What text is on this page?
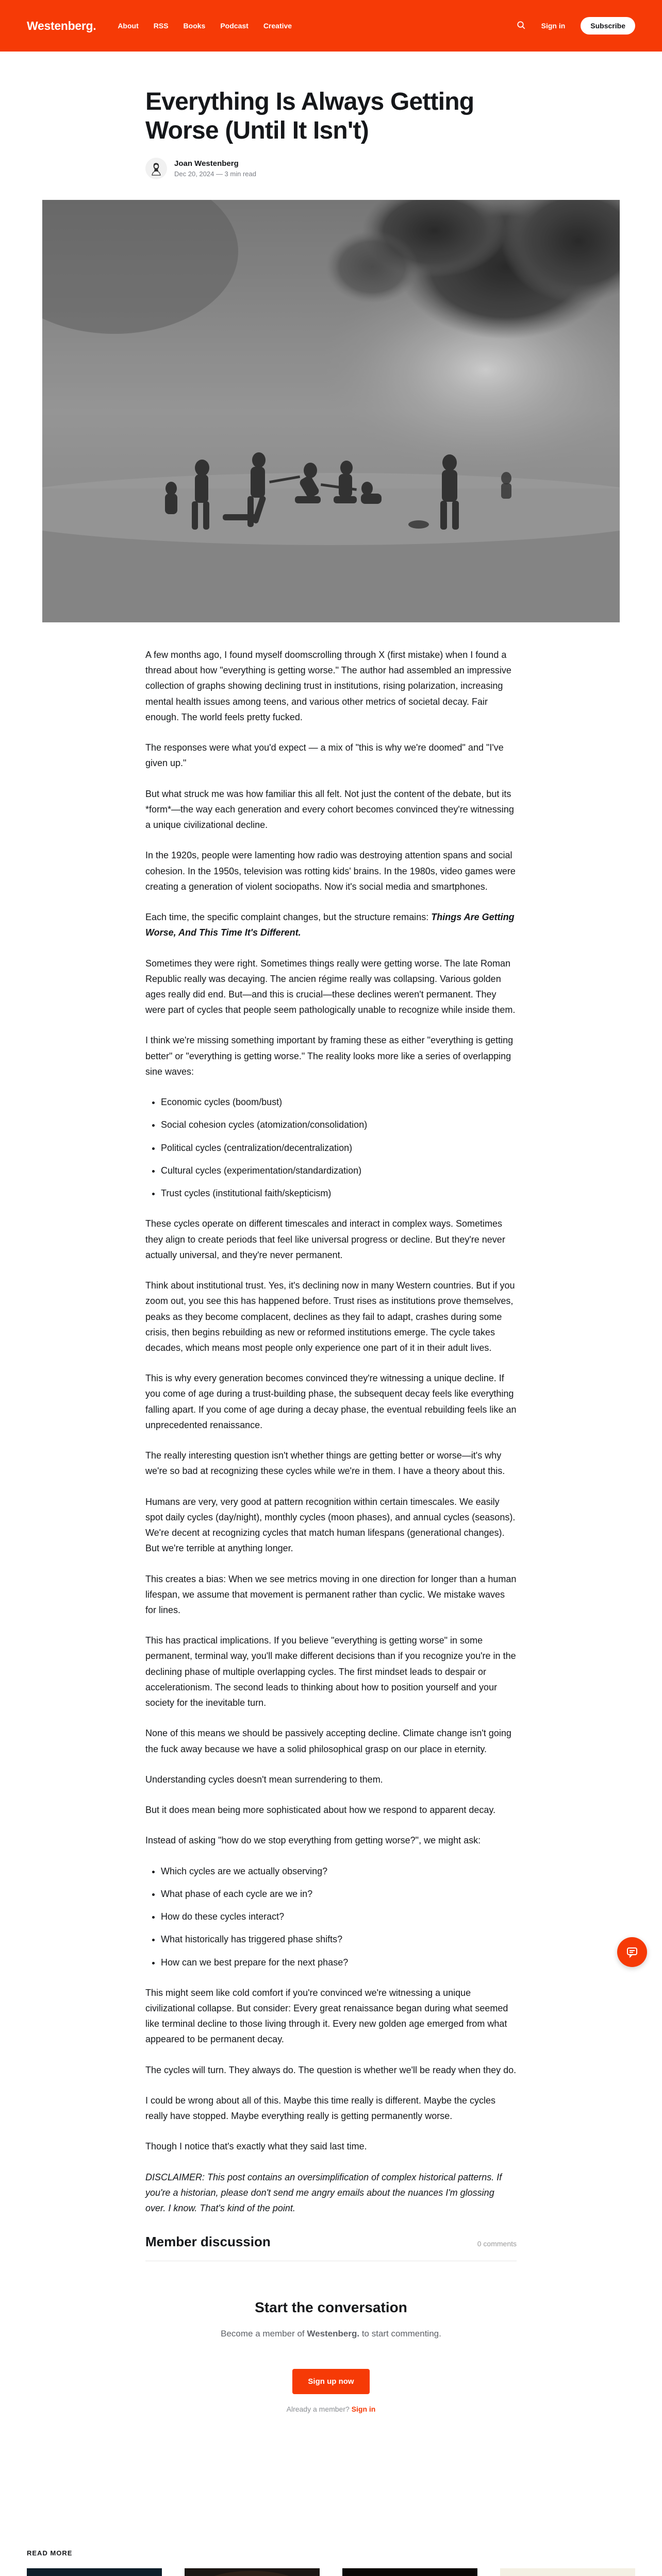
Westenberg.	About RSS Books Podcast Creative	Sign in	Subscribe
Everything Is Always Getting Worse (Until It Isn't)
Joan Westenberg
Dec 20, 2024 — 3 min read

A few months ago, I found myself doomscrolling through X (first mistake) when I found a thread about how "everything is getting worse." The author had assembled an impressive collection of graphs showing declining trust in institutions, rising polarization, increasing mental health issues among teens, and various other metrics of societal decay. Fair enough. The world feels pretty fucked.

The responses were what you'd expect — a mix of "this is why we're doomed" and "I've given up."

But what struck me was how familiar this all felt. Not just the content of the debate, but its *form*—the way each generation and every cohort becomes convinced they're witnessing a unique civilizational decline.

In the 1920s, people were lamenting how radio was destroying attention spans and social cohesion. In the 1950s, television was rotting kids' brains. In the 1980s, video games were creating a generation of violent sociopaths. Now it's social media and smartphones.

Each time, the specific complaint changes, but the structure remains: Things Are Getting Worse, And This Time It's Different.

Sometimes they were right. Sometimes things really were getting worse. The late Roman Republic really was decaying. The ancien régime really was collapsing. Various golden ages really did end. But—and this is crucial—these declines weren't permanent. They were part of cycles that people seem pathologically unable to recognize while inside them.

I think we're missing something important by framing these as either "everything is getting better" or "everything is getting worse." The reality looks more like a series of overlapping sine waves:

• Economic cycles (boom/bust)
• Social cohesion cycles (atomization/consolidation)
• Political cycles (centralization/decentralization)
• Cultural cycles (experimentation/standardization)
• Trust cycles (institutional faith/skepticism)

These cycles operate on different timescales and interact in complex ways. Sometimes they align to create periods that feel like universal progress or decline. But they're never actually universal, and they're never permanent.

Think about institutional trust. Yes, it's declining now in many Western countries. But if you zoom out, you see this has happened before. Trust rises as institutions prove themselves, peaks as they become complacent, declines as they fail to adapt, crashes during some crisis, then begins rebuilding as new or reformed institutions emerge. The cycle takes decades, which means most people only experience one part of it in their adult lives.

This is why every generation becomes convinced they're witnessing a unique decline. If you come of age during a trust-building phase, the subsequent decay feels like everything falling apart. If you come of age during a decay phase, the eventual rebuilding feels like an unprecedented renaissance.

The really interesting question isn't whether things are getting better or worse—it's why we're so bad at recognizing these cycles while we're in them. I have a theory about this.

Humans are very, very good at pattern recognition within certain timescales. We easily spot daily cycles (day/night), monthly cycles (moon phases), and annual cycles (seasons). We're decent at recognizing cycles that match human lifespans (generational changes). But we're terrible at anything longer.

This creates a bias: When we see metrics moving in one direction for longer than a human lifespan, we assume that movement is permanent rather than cyclic. We mistake waves for lines.

This has practical implications. If you believe "everything is getting worse" in some permanent, terminal way, you'll make different decisions than if you recognize you're in the declining phase of multiple overlapping cycles. The first mindset leads to despair or accelerationism. The second leads to thinking about how to position yourself and your society for the inevitable turn.

None of this means we should be passively accepting decline. Climate change isn't going the fuck away because we have a solid philosophical grasp on our place in eternity.

Understanding cycles doesn't mean surrendering to them.

But it does mean being more sophisticated about how we respond to apparent decay.

Instead of asking "how do we stop everything from getting worse?", we might ask:

• Which cycles are we actually observing?
• What phase of each cycle are we in?
• How do these cycles interact?
• What historically has triggered phase shifts?
• How can we best prepare for the next phase?

This might seem like cold comfort if you're convinced we're witnessing a unique civilizational collapse. But consider: Every great renaissance began during what seemed like terminal decline to those living through it. Every new golden age emerged from what appeared to be permanent decay.

The cycles will turn. They always do. The question is whether we'll be ready when they do.

I could be wrong about all of this. Maybe this time really is different. Maybe the cycles really have stopped. Maybe everything really is getting permanently worse.

Though I notice that's exactly what they said last time.

DISCLAIMER: This post contains an oversimplification of complex historical patterns. If you're a historian, please don't send me angry emails about the nuances I'm glossing over. I know. That's kind of the point.

Member discussion	0 comments
Start the conversation

Become a member of Westenberg. to start commenting.

Sign up now
Already a member? Sign in
READ MORE
